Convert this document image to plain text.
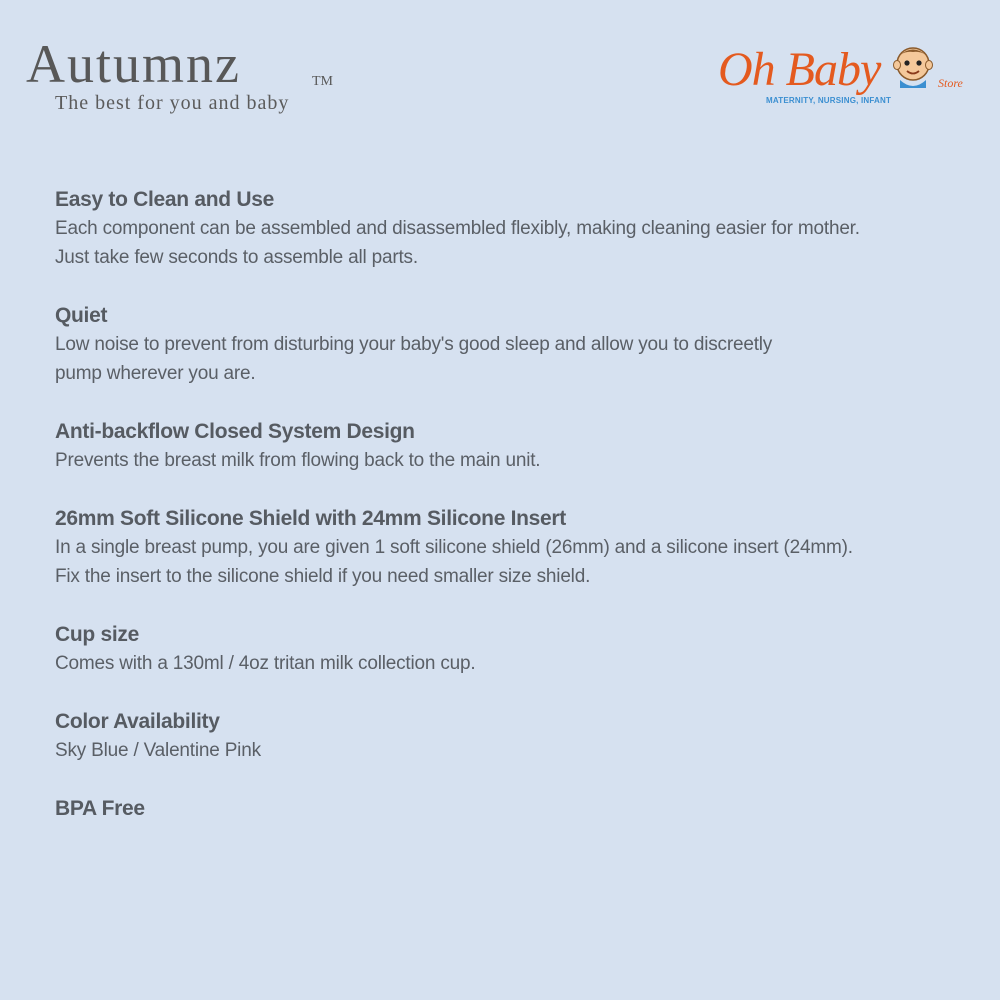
Autumnz	TM
The best for you and baby
Oh Baby	Store
MATERNITY, NURSING, INFANT
Easy to Clean and Use
Each component can be assembled and disassembled flexibly, making cleaning easier for mother.
Just take few seconds to assemble all parts.
Quiet
Low noise to prevent from disturbing your baby's good sleep and allow you to discreetly
pump wherever you are.
Anti-backflow Closed System Design
Prevents the breast milk from flowing back to the main unit.
26mm Soft Silicone Shield with 24mm Silicone Insert
In a single breast pump, you are given 1 soft silicone shield (26mm) and a silicone insert (24mm).
Fix the insert to the silicone shield if you need smaller size shield.
Cup size
Comes with a 130ml / 4oz tritan milk collection cup.
Color Availability
Sky Blue / Valentine Pink
BPA Free
